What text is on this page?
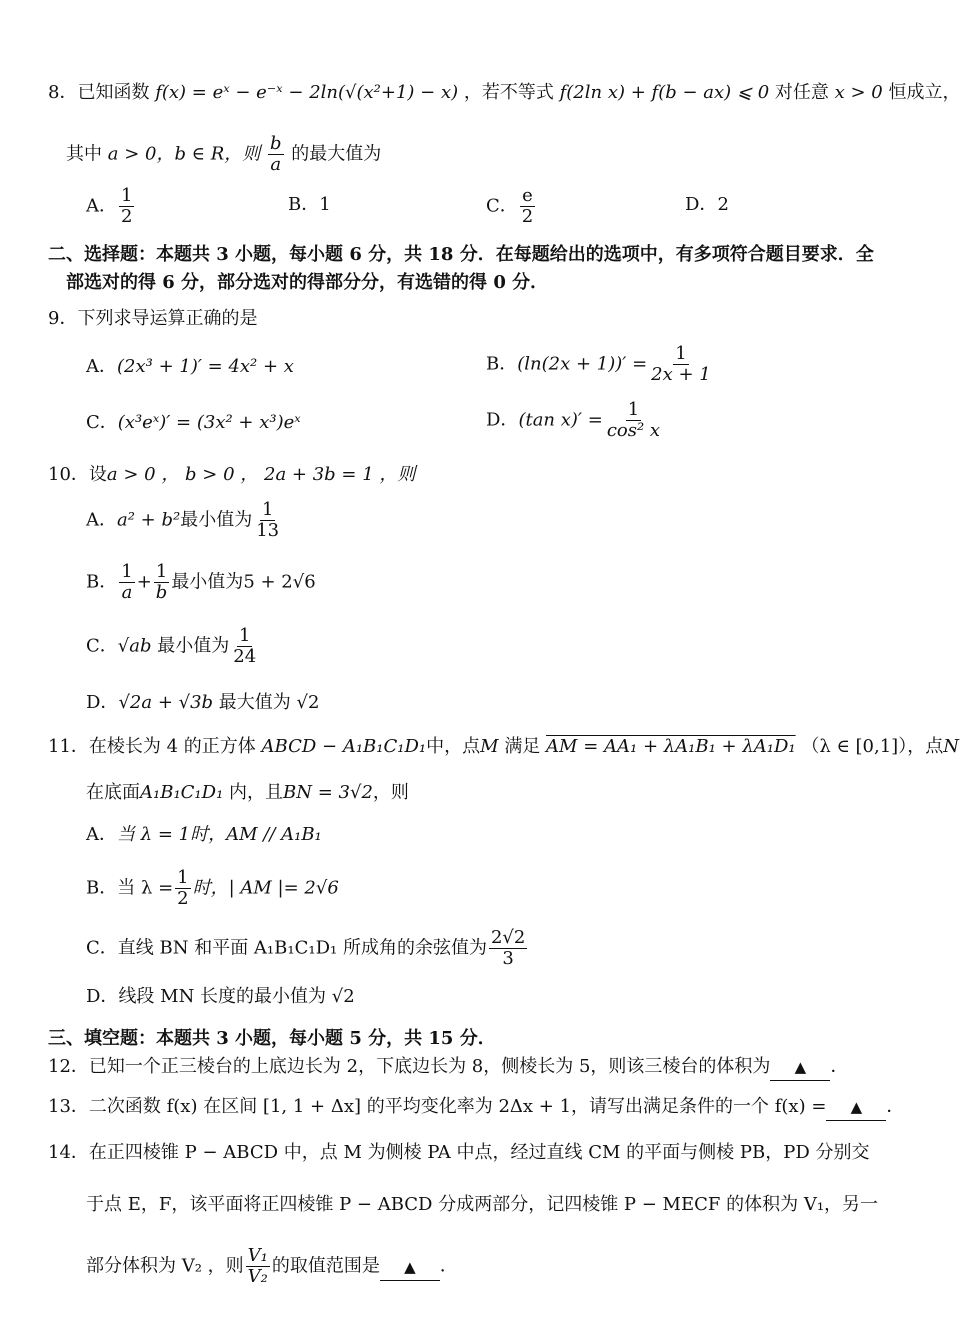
8．已知函数 f(x) = eˣ − e⁻ˣ − 2ln(√(x²+1) − x) ，若不等式 f(2ln x) + f(b − ax) ⩽ 0 对任意 x > 0 恒成立，
其中 a > 0，b ∈ R，则 $\frac{b}{a}$ 的最大值为
A． $\frac{1}{2}$	B．1	C． $\frac{e}{2}$	D．2
二、选择题：本题共 3 小题，每小题 6 分，共 18 分．在每题给出的选项中，有多项符合题目要求．全
部选对的得 6 分，部分选对的得部分分，有选错的得 0 分．
9．下列求导运算正确的是
A．(2x³ + 1)′ = 4x² + x	B．$(\ln(2x + 1))' = \frac{1}{2x + 1}$
C．(x³eˣ)′ = (3x² + x³)eˣ	D．(tan $x)' = \frac{1}{\text{cos² x}}$
10．设a > 0 ， b > 0 ， 2a + 3b = 1 ，则
A．a² + b²最小值为 $\frac{1}{13}$
B． $\frac{1}{a} + \frac{1}{b}$ 最小值为5 + 2√6
C．√ab 最小值为 $\frac{1}{24}$
D．√2a + √3b 最大值为 √2
11．在棱长为 4 的正方体 ABCD − A₁B₁C₁D₁中，点M 满足 AM = AA₁ + λA₁B₁ + λA₁D₁ （λ ∈ [0,1]），点N
在底面A₁B₁C₁D₁ 内，且BN = 3√2，则
A．当 λ = 1时，AM // A₁B₁
B．当 $\lambda = \frac{1}{2}$ 时，| AM |= 2√6
C．直线 BN 和平面 A₁B₁C₁D₁ 所成角的余弦值为 $\frac{2√2}{3}$
D．线段 MN 长度的最小值为 √2
三、填空题：本题共 3 小题，每小题 5 分，共 15 分．
12．已知一个正三棱台的上底边长为 2，下底边长为 8，侧棱长为 5，则该三棱台的体积为 ▲ ．
13．二次函数 f(x) 在区间 [1, 1 + Δx] 的平均变化率为 2Δx + 1，请写出满足条件的一个 f(x) = ▲ ．
14．在正四棱锥 P − ABCD 中，点 M 为侧棱 PA 中点，经过直线 CM 的平面与侧棱 PB，PD 分别交
于点 E，F，该平面将正四棱锥 P − ABCD 分成两部分，记四棱锥 P − MECF 的体积为 V₁，另一
部分体积为 V₂ ，则 $\frac{\text{V₁}}{\text{V₂}}$ 的取值范围是 ▲ ．
